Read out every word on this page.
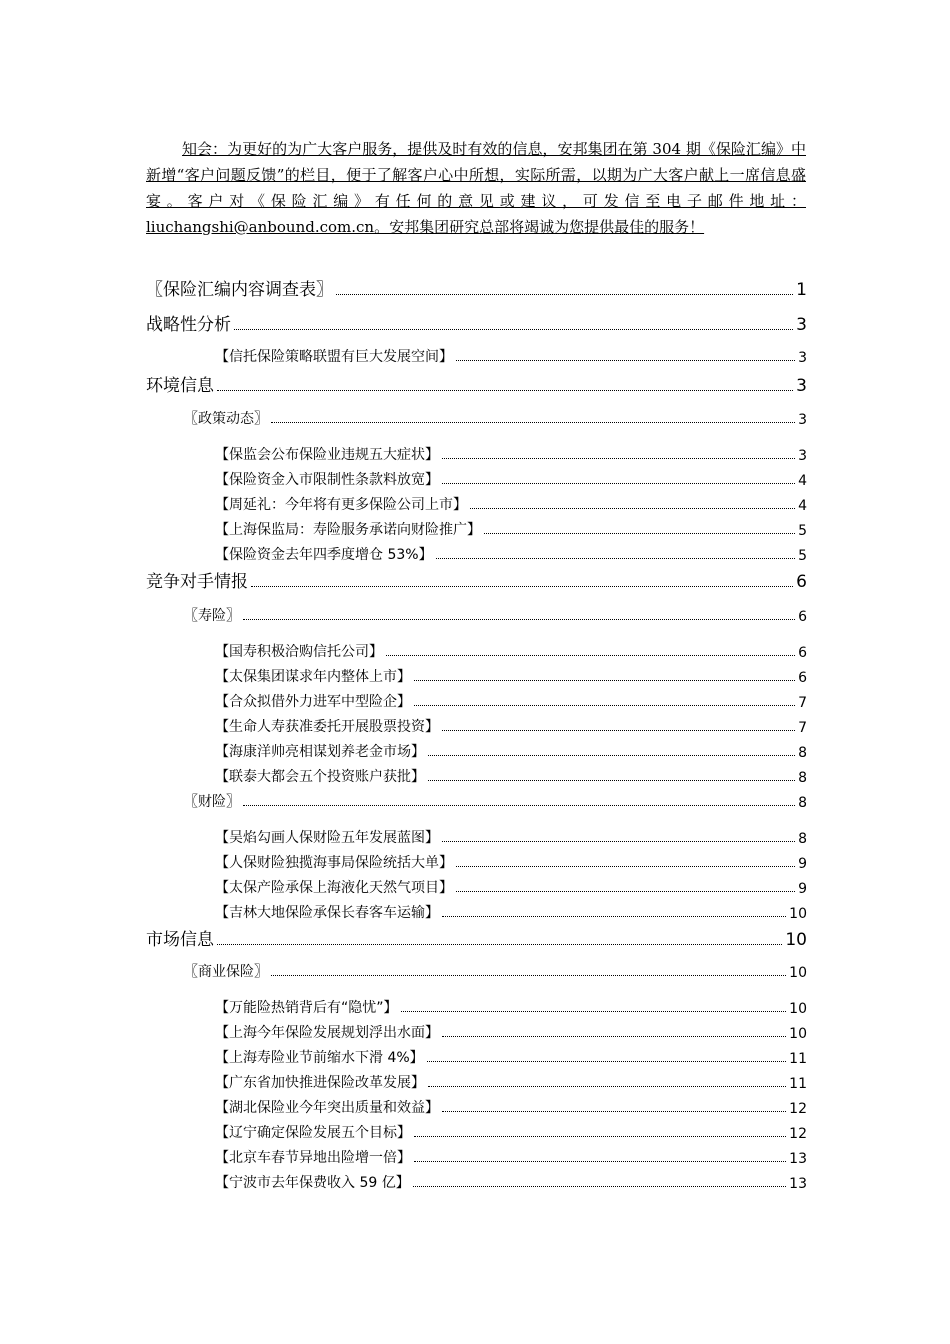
知会：为更好的为广大客户服务，提供及时有效的信息，安邦集团在第 304 期《保险汇编》中新增“客户问题反馈”的栏目，便于了解客户心中所想，实际所需，以期为广大客户献上一席信息盛宴。客户对《保险汇编》有任何的意见或建议，可发信至电子邮件地址：liuchangshi@anbound.com.cn。安邦集团研究总部将竭诚为您提供最佳的服务！
〖保险汇编内容调查表〗	1
战略性分析	3
【信托保险策略联盟有巨大发展空间】	3
环境信息	3
〖政策动态〗	3
【保监会公布保险业违规五大症状】	3
【保险资金入市限制性条款料放宽】	4
【周延礼：今年将有更多保险公司上市】	4
【上海保监局：寿险服务承诺向财险推广】	5
【保险资金去年四季度增仓 53%】	5
竞争对手情报	6
〖寿险〗	6
【国寿积极洽购信托公司】	6
【太保集团谋求年内整体上市】	6
【合众拟借外力进军中型险企】	7
【生命人寿获准委托开展股票投资】	7
【海康洋帅亮相谋划养老金市场】	8
【联泰大都会五个投资账户获批】	8
〖财险〗	8
【吴焰勾画人保财险五年发展蓝图】	8
【人保财险独揽海事局保险统括大单】	9
【太保产险承保上海液化天然气项目】	9
【吉林大地保险承保长春客车运输】	10
市场信息	10
〖商业保险〗	10
【万能险热销背后有“隐忧”】	10
【上海今年保险发展规划浮出水面】	10
【上海寿险业节前缩水下滑 4%】	11
【广东省加快推进保险改革发展】	11
【湖北保险业今年突出质量和效益】	12
【辽宁确定保险发展五个目标】	12
【北京车春节异地出险增一倍】	13
【宁波市去年保费收入 59 亿】	13
